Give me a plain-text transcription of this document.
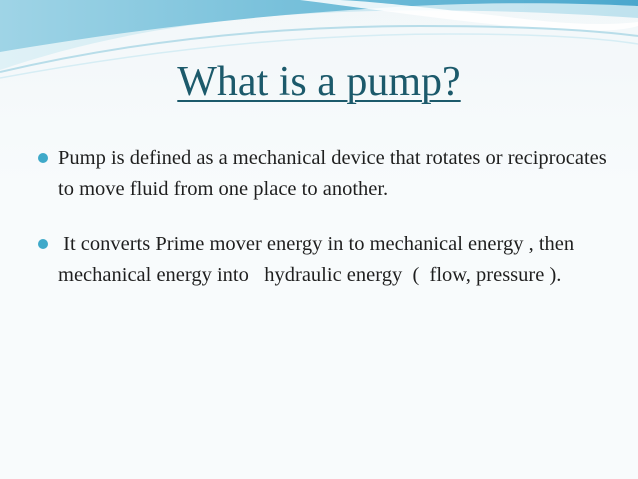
What is a pump?
Pump is defined as a mechanical device that rotates or reciprocates  to move fluid from one place to another.
It converts Prime mover energy in to mechanical energy , then mechanical energy into   hydraulic energy  (  flow, pressure ).
